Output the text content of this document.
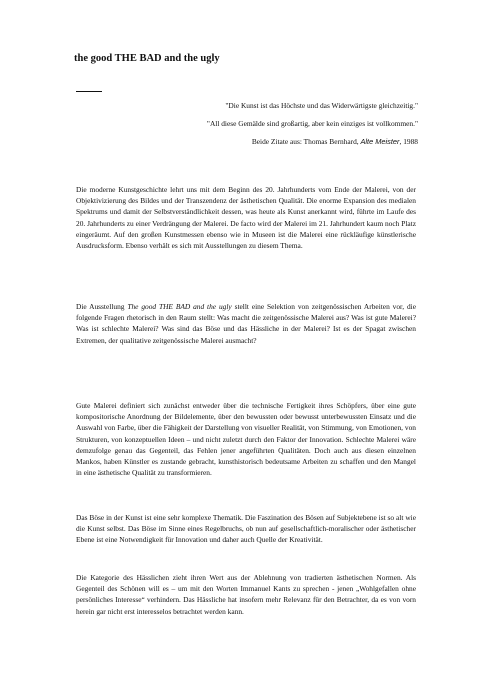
the good THE BAD and the ugly

"Die Kunst ist das Höchste und das Widerwärtigste gleichzeitig."

"All diese Gemälde sind großartig, aber kein einziges ist vollkommen."

Beide Zitate aus: Thomas Bernhard, Alte Meister, 1988

Die moderne Kunstgeschichte lehrt uns mit dem Beginn des 20. Jahrhunderts vom Ende der Malerei, von der Objektivizierung des Bildes und der Transzendenz der ästhetischen Qualität. Die enorme Expansion des medialen Spektrums und damit der Selbstverständlichkeit dessen, was heute als Kunst anerkannt wird, führte im Laufe des 20. Jahrhunderts zu einer Verdrängung der Malerei. De facto wird der Malerei im 21. Jahrhundert kaum noch Platz eingeräumt. Auf den großen Kunstmessen ebenso wie in Museen ist die Malerei eine rückläufige künstlerische Ausdrucksform. Ebenso verhält es sich mit Ausstellungen zu diesem Thema.

Die Ausstellung The good THE BAD and the ugly stellt eine Selektion von zeitgenössischen Arbeiten vor, die folgende Fragen rhetorisch in den Raum stellt: Was macht die zeitgenössische Malerei aus? Was ist gute Malerei? Was ist schlechte Malerei? Was sind das Böse und das Hässliche in der Malerei? Ist es der Spagat zwischen Extremen, der qualitative zeitgenössische Malerei ausmacht?

Gute Malerei definiert sich zunächst entweder über die technische Fertigkeit ihres Schöpfers, über eine gute kompositorische Anordnung der Bildelemente, über den bewussten oder bewusst unterbewussten Einsatz und die Auswahl von Farbe, über die Fähigkeit der Darstellung von visueller Realität, von Stimmung, von Emotionen, von Strukturen, von konzeptuellen Ideen – und nicht zuletzt durch den Faktor der Innovation. Schlechte Malerei wäre demzufolge genau das Gegenteil, das Fehlen jener angeführten Qualitäten. Doch auch aus diesen einzelnen Mankos, haben Künstler es zustande gebracht, kunsthistorisch bedeutsame Arbeiten zu schaffen und den Mangel in eine ästhetische Qualität zu transformieren.

Das Böse in der Kunst ist eine sehr komplexe Thematik. Die Faszination des Bösen auf Subjektebene ist so alt wie die Kunst selbst. Das Böse im Sinne eines Regelbruchs, ob nun auf gesellschaftlich-moralischer oder ästhetischer Ebene ist eine Notwendigkeit für Innovation und daher auch Quelle der Kreativität.

Die Kategorie des Hässlichen zieht ihren Wert aus der Ablehnung von tradierten ästhetischen Normen. Als Gegenteil des Schönen will es – um mit den Worten Immanuel Kants zu sprechen - jenen „Wohlgefallen ohne persönliches Interesse“ verhindern. Das Hässliche hat insofern mehr Relevanz für den Betrachter, da es von vorn herein gar nicht erst interesselos betrachtet werden kann.
